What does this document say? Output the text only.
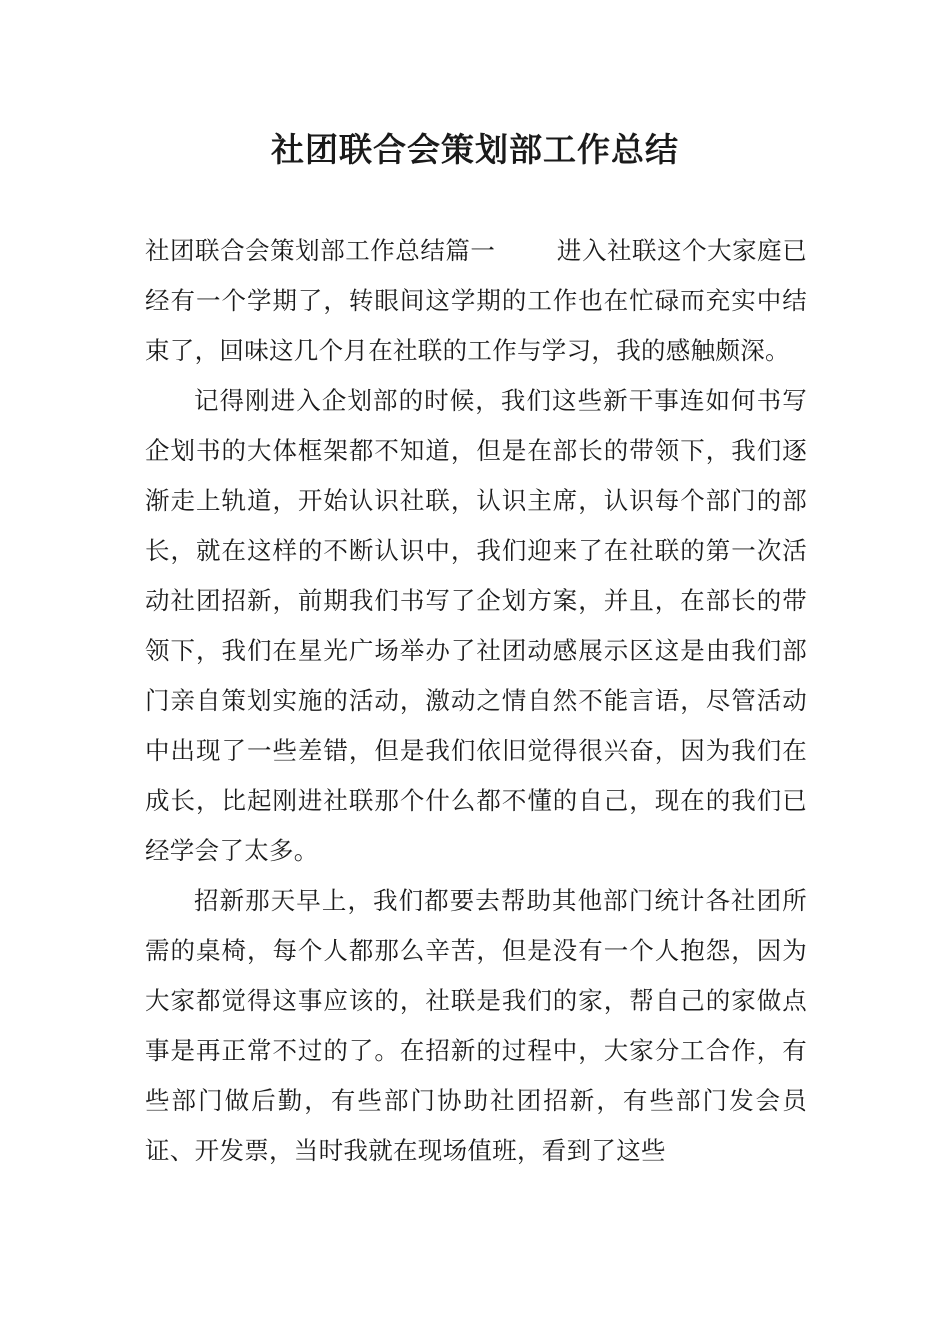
社团联合会策划部工作总结

社团联合会策划部工作总结篇一	进入社联这个大家庭已经有一个学期了，转眼间这学期的工作也在忙碌而充实中结束了，回味这几个月在社联的工作与学习，我的感触颇深。

记得刚进入企划部的时候，我们这些新干事连如何书写企划书的大体框架都不知道，但是在部长的带领下，我们逐渐走上轨道，开始认识社联，认识主席，认识每个部门的部长，就在这样的不断认识中，我们迎来了在社联的第一次活动社团招新，前期我们书写了企划方案，并且，在部长的带领下，我们在星光广场举办了社团动感展示区这是由我们部门亲自策划实施的活动，激动之情自然不能言语，尽管活动中出现了一些差错，但是我们依旧觉得很兴奋，因为我们在成长，比起刚进社联那个什么都不懂的自己，现在的我们已经学会了太多。

招新那天早上，我们都要去帮助其他部门统计各社团所需的桌椅，每个人都那么辛苦，但是没有一个人抱怨，因为大家都觉得这事应该的，社联是我们的家，帮自己的家做点事是再正常不过的了。在招新的过程中，大家分工合作，有些部门做后勤，有些部门协助社团招新，有些部门发会员证、开发票，当时我就在现场值班，看到了这些
